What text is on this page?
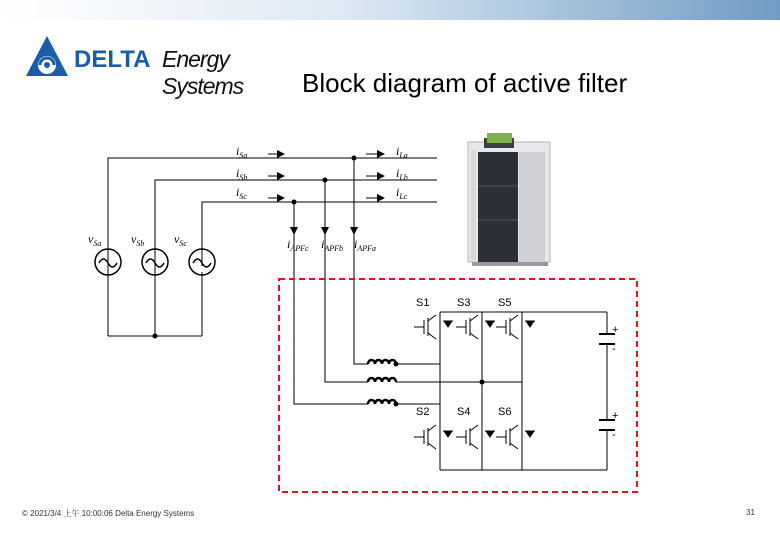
DELTA Energy Systems	Block diagram of active filter
$i_{Sa}$
$i_{Sb}$
$i_{Sc}$
$i_{La}$
$i_{Lb}$
$i_{Lc}$
$v_{Sa}$ $v_{Sb}$ $v_{Sc}$	$i_{APFc}$ $i_{APFb}$ $i_{APFa}$
S1	S3	S5
S2	S4	S6
+
-
+
-
© 2021/3/4 上午 10:00:06 Delta Energy Systems	31
